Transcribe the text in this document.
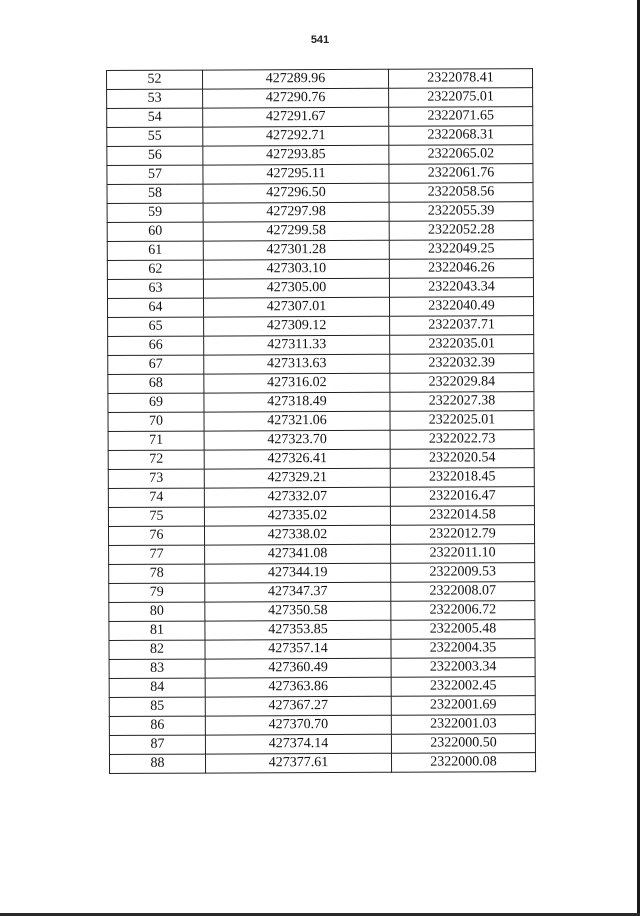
541
52	427289.96	2322078.41
53	427290.76	2322075.01
54	427291.67	2322071.65
55	427292.71	2322068.31
56	427293.85	2322065.02
57	427295.11	2322061.76
58	427296.50	2322058.56
59	427297.98	2322055.39
60	427299.58	2322052.28
61	427301.28	2322049.25
62	427303.10	2322046.26
63	427305.00	2322043.34
64	427307.01	2322040.49
65	427309.12	2322037.71
66	427311.33	2322035.01
67	427313.63	2322032.39
68	427316.02	2322029.84
69	427318.49	2322027.38
70	427321.06	2322025.01
71	427323.70	2322022.73
72	427326.41	2322020.54
73	427329.21	2322018.45
74	427332.07	2322016.47
75	427335.02	2322014.58
76	427338.02	2322012.79
77	427341.08	2322011.10
78	427344.19	2322009.53
79	427347.37	2322008.07
80	427350.58	2322006.72
81	427353.85	2322005.48
82	427357.14	2322004.35
83	427360.49	2322003.34
84	427363.86	2322002.45
85	427367.27	2322001.69
86	427370.70	2322001.03
87	427374.14	2322000.50
88	427377.61	2322000.08
